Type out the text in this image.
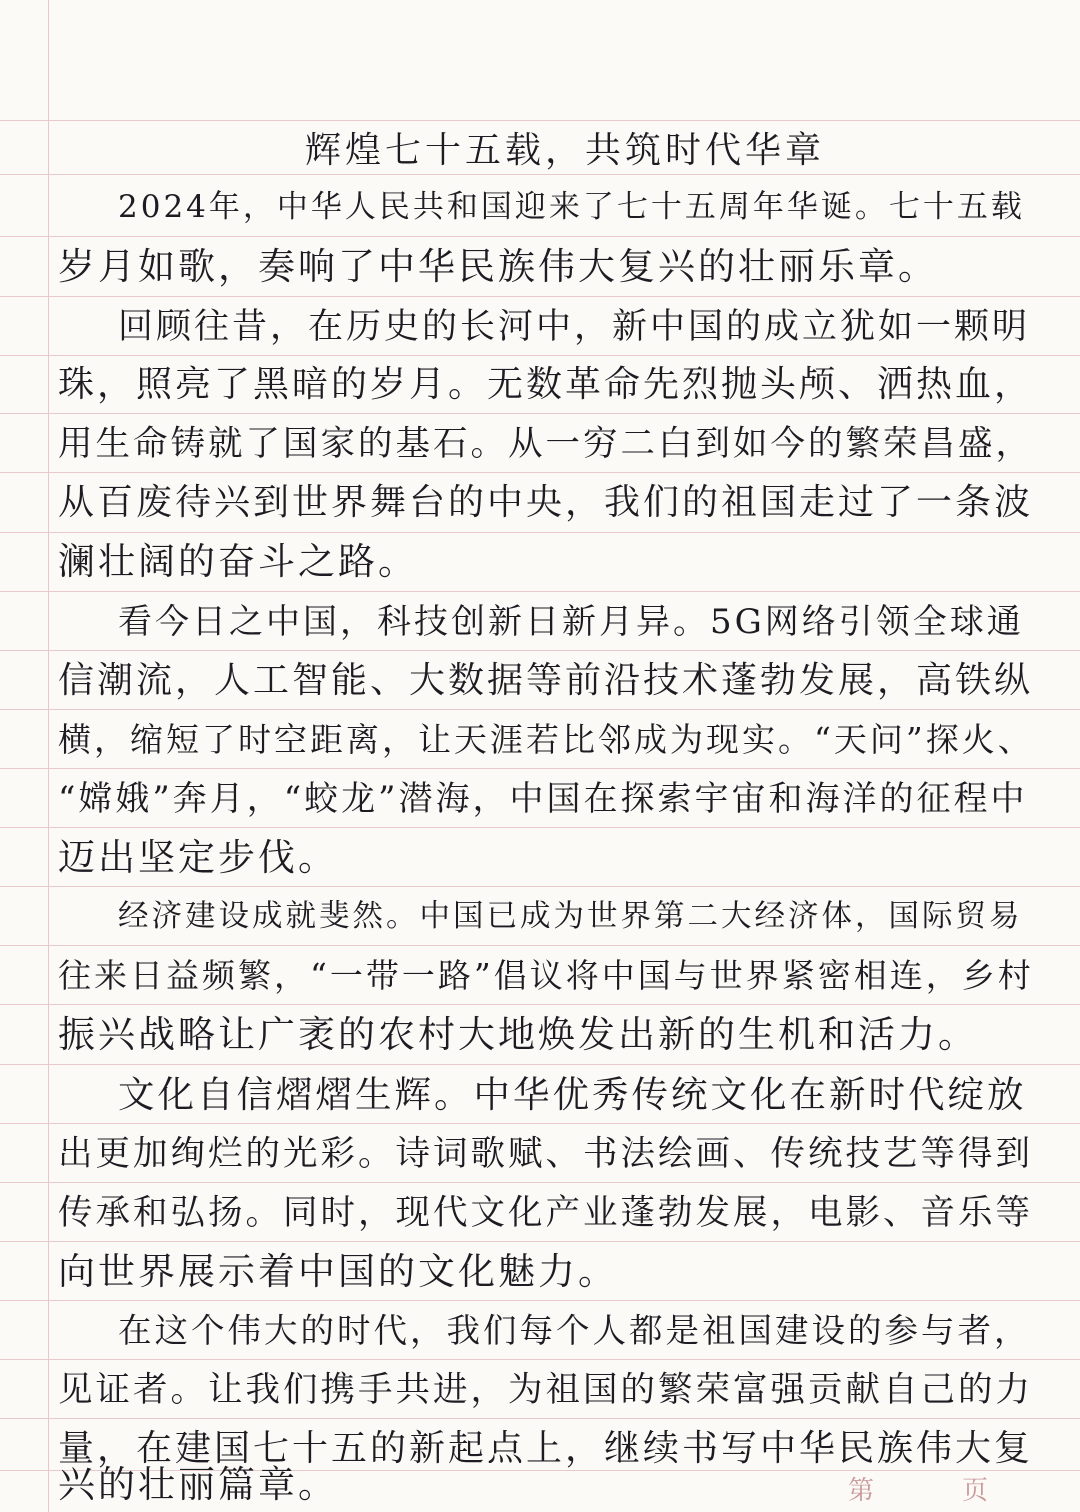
辉煌七十五载，共筑时代华章
2024年，中华人民共和国迎来了七十五周年华诞。七十五载
岁月如歌，奏响了中华民族伟大复兴的壮丽乐章。
回顾往昔，在历史的长河中，新中国的成立犹如一颗明
珠，照亮了黑暗的岁月。无数革命先烈抛头颅、洒热血，
用生命铸就了国家的基石。从一穷二白到如今的繁荣昌盛，
从百废待兴到世界舞台的中央，我们的祖国走过了一条波
澜壮阔的奋斗之路。
看今日之中国，科技创新日新月异。5G网络引领全球通
信潮流，人工智能、大数据等前沿技术蓬勃发展，高铁纵
横，缩短了时空距离，让天涯若比邻成为现实。“天问”探火、
“嫦娥”奔月，“蛟龙”潜海，中国在探索宇宙和海洋的征程中
迈出坚定步伐。
经济建设成就斐然。中国已成为世界第二大经济体，国际贸易
往来日益频繁，“一带一路”倡议将中国与世界紧密相连，乡村
振兴战略让广袤的农村大地焕发出新的生机和活力。
文化自信熠熠生辉。中华优秀传统文化在新时代绽放
出更加绚烂的光彩。诗词歌赋、书法绘画、传统技艺等得到
传承和弘扬。同时，现代文化产业蓬勃发展，电影、音乐等
向世界展示着中国的文化魅力。
在这个伟大的时代，我们每个人都是祖国建设的参与者，
见证者。让我们携手共进，为祖国的繁荣富强贡献自己的力
量，在建国七十五的新起点上，继续书写中华民族伟大复
兴的壮丽篇章。	第	页
